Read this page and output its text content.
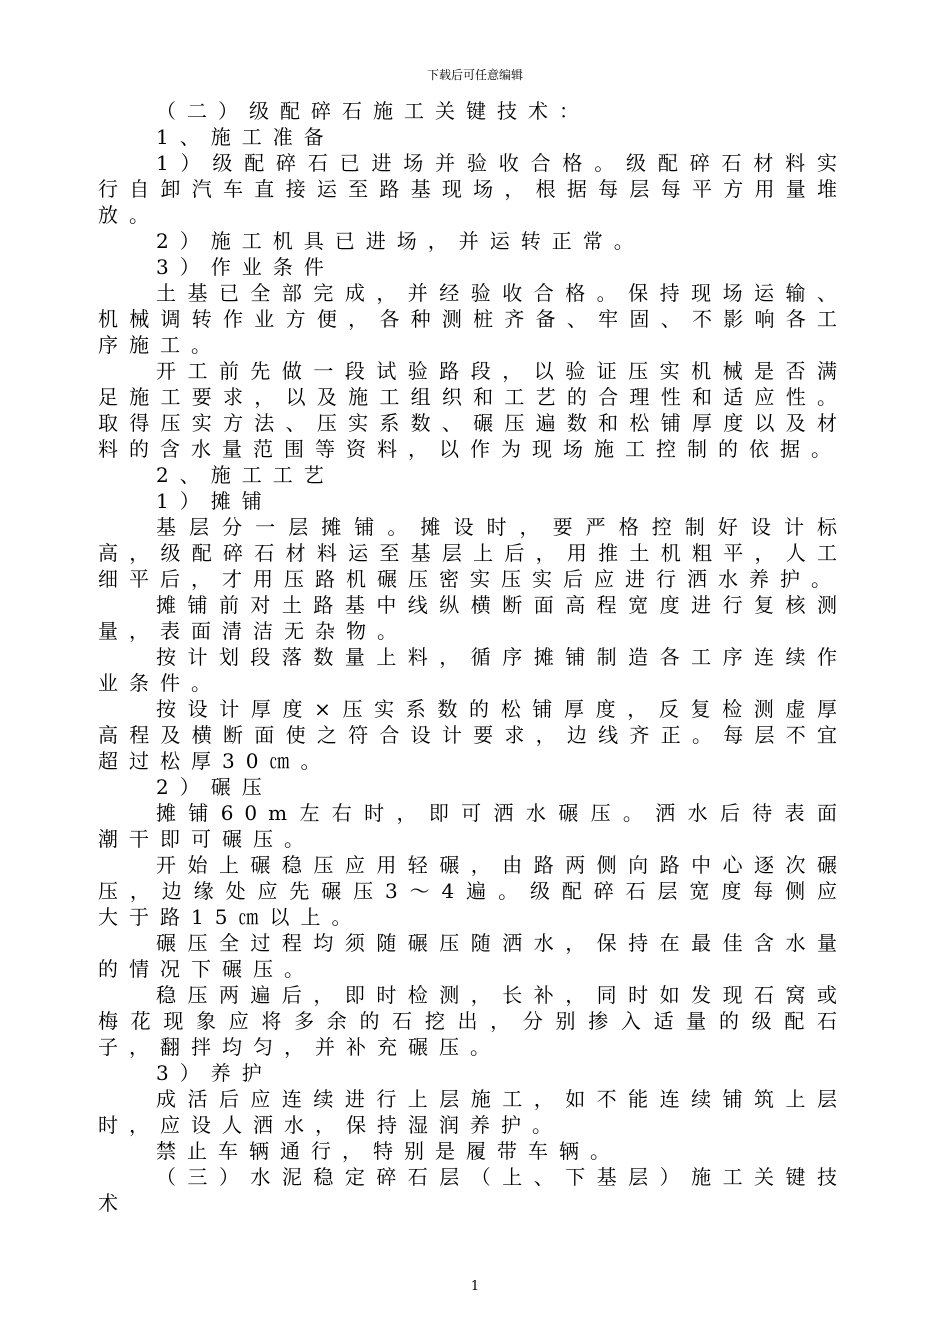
下载后可任意编辑

（二）级配碎石施工关键技术：

1、施工准备

1）级配碎石已进场并验收合格。级配碎石材料实行自卸汽车直接运至路基现场，根据每层每平方用量堆放。

2）施工机具已进场，并运转正常。

3）作业条件

土基已全部完成，并经验收合格。保持现场运输、机械调转作业方便，各种测桩齐备、牢固、不影响各工序施工。

开工前先做一段试验路段，以验证压实机械是否满足施工要求，以及施工组织和工艺的合理性和适应性。取得压实方法、压实系数、碾压遍数和松铺厚度以及材料的含水量范围等资料，以作为现场施工控制的依据。

2、施工工艺

1）摊铺

基层分一层摊铺。摊设时，要严格控制好设计标高，级配碎石材料运至基层上后，用推土机粗平，人工细平后，才用压路机碾压密实压实后应进行洒水养护。

摊铺前对土路基中线纵横断面高程宽度进行复核测量，表面清洁无杂物。

按计划段落数量上料，循序摊铺制造各工序连续作业条件。

按设计厚度×压实系数的松铺厚度，反复检测虚厚高程及横断面使之符合设计要求，边线齐正。每层不宜超过松厚30㎝。

2）碾压

摊铺60m左右时，即可洒水碾压。洒水后待表面潮干即可碾压。

开始上碾稳压应用轻碾，由路两侧向路中心逐次碾压，边缘处应先碾压3～4遍。级配碎石层宽度每侧应大于路15㎝以上。

碾压全过程均须随碾压随洒水，保持在最佳含水量的情况下碾压。

稳压两遍后，即时检测，长补，同时如发现石窝或梅花现象应将多余的石挖出，分别掺入适量的级配石子，翻拌均匀，并补充碾压。

3）养护

成活后应连续进行上层施工，如不能连续铺筑上层时，应设人洒水，保持湿润养护。

禁止车辆通行，特别是履带车辆。

（三）水泥稳定碎石层（上、下基层）施工关键技术

1
